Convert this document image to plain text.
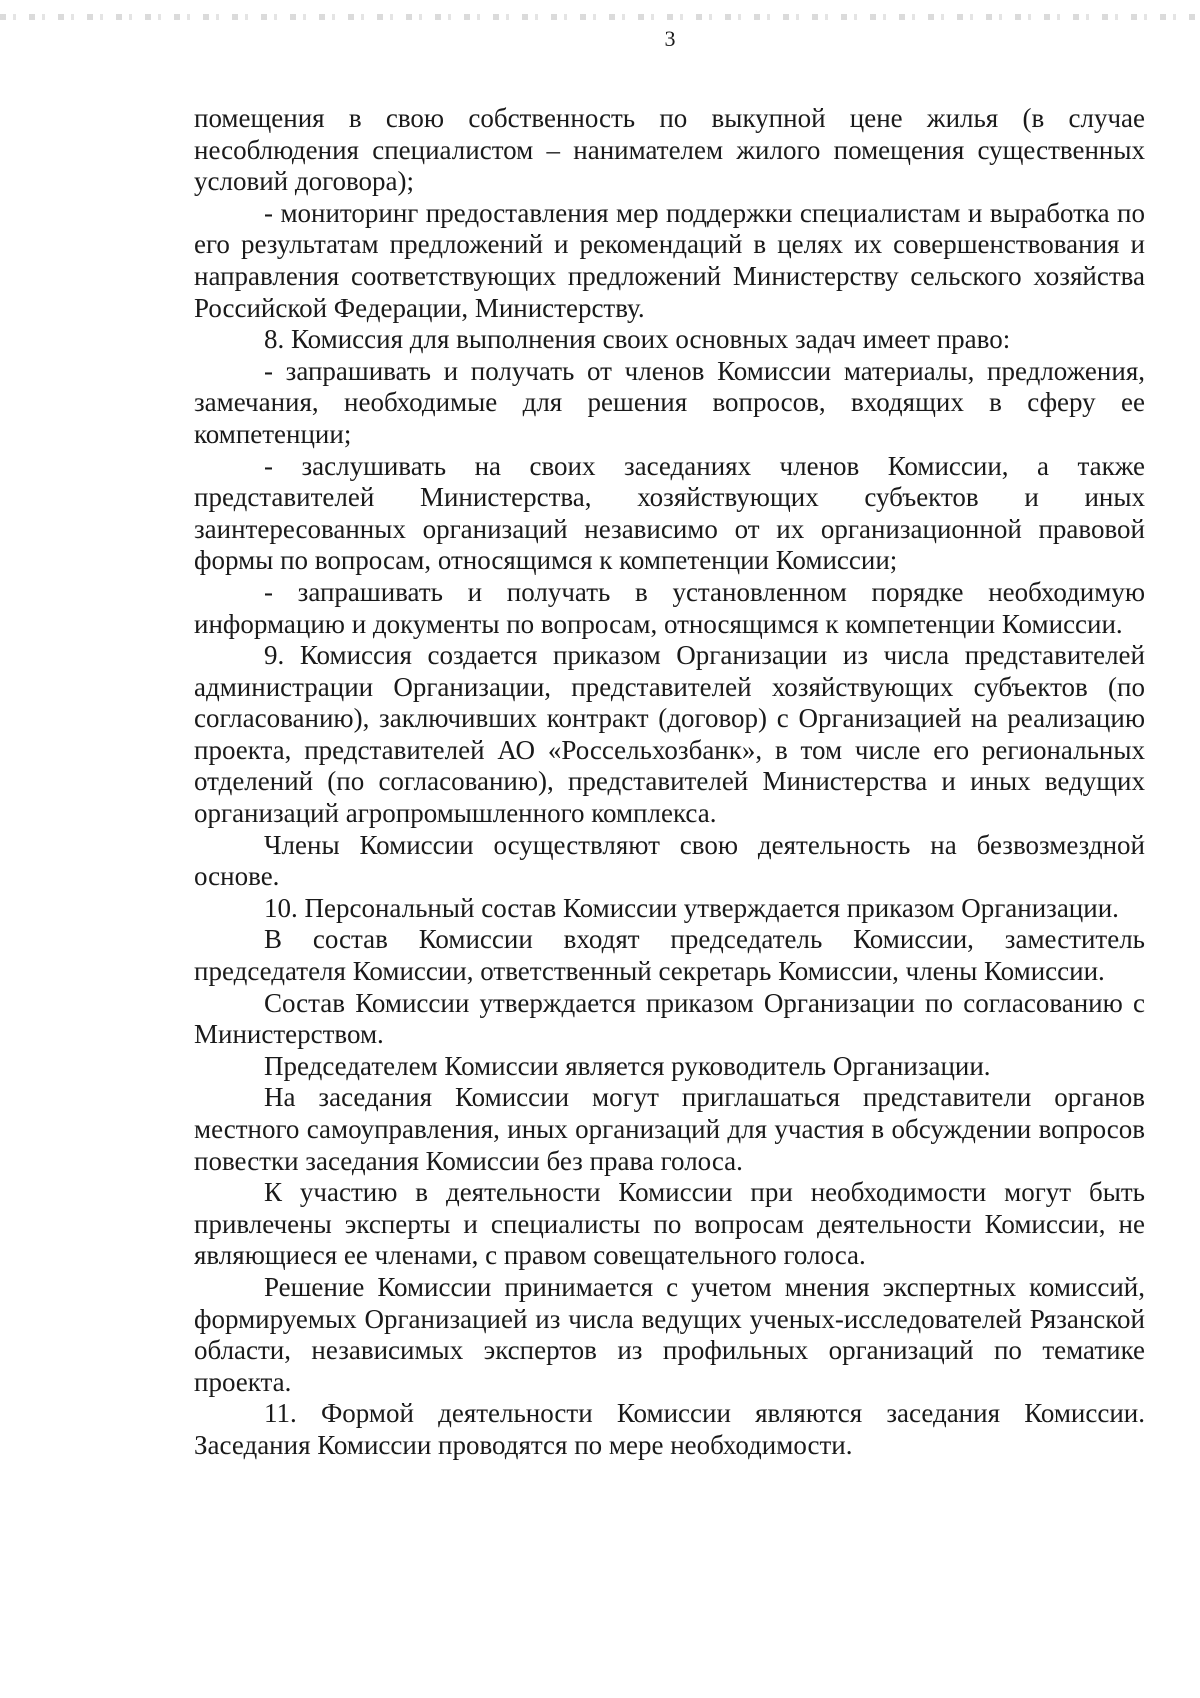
3

помещения в свою собственность по выкупной цене жилья (в случае несоблюдения специалистом – нанимателем жилого помещения существенных условий договора);

- мониторинг предоставления мер поддержки специалистам и выработка по его результатам предложений и рекомендаций в целях их совершенствования и направления соответствующих предложений Министерству сельского хозяйства Российской Федерации, Министерству.

8. Комиссия для выполнения своих основных задач имеет право:

- запрашивать и получать от членов Комиссии материалы, предложения, замечания, необходимые для решения вопросов, входящих в сферу ее компетенции;

- заслушивать на своих заседаниях членов Комиссии, а также представителей Министерства, хозяйствующих субъектов и иных заинтересованных организаций независимо от их организационной правовой формы по вопросам, относящимся к компетенции Комиссии;

- запрашивать и получать в установленном порядке необходимую информацию и документы по вопросам, относящимся к компетенции Комиссии.

9. Комиссия создается приказом Организации из числа представителей администрации Организации, представителей хозяйствующих субъектов (по согласованию), заключивших контракт (договор) с Организацией на реализацию проекта, представителей АО «Россельхозбанк», в том числе его региональных отделений (по согласованию), представителей Министерства и иных ведущих организаций агропромышленного комплекса.

Члены Комиссии осуществляют свою деятельность на безвозмездной основе.

10. Персональный состав Комиссии утверждается приказом Организации.

В состав Комиссии входят председатель Комиссии, заместитель председателя Комиссии, ответственный секретарь Комиссии, члены Комиссии.

Состав Комиссии утверждается приказом Организации по согласованию с Министерством.

Председателем Комиссии является руководитель Организации.

На заседания Комиссии могут приглашаться представители органов местного самоуправления, иных организаций для участия в обсуждении вопросов повестки заседания Комиссии без права голоса.

К участию в деятельности Комиссии при необходимости могут быть привлечены эксперты и специалисты по вопросам деятельности Комиссии, не являющиеся ее членами, с правом совещательного голоса.

Решение Комиссии принимается с учетом мнения экспертных комиссий, формируемых Организацией из числа ведущих ученых-исследователей Рязанской области, независимых экспертов из профильных организаций по тематике проекта.

11. Формой деятельности Комиссии являются заседания Комиссии. Заседания Комиссии проводятся по мере необходимости.
